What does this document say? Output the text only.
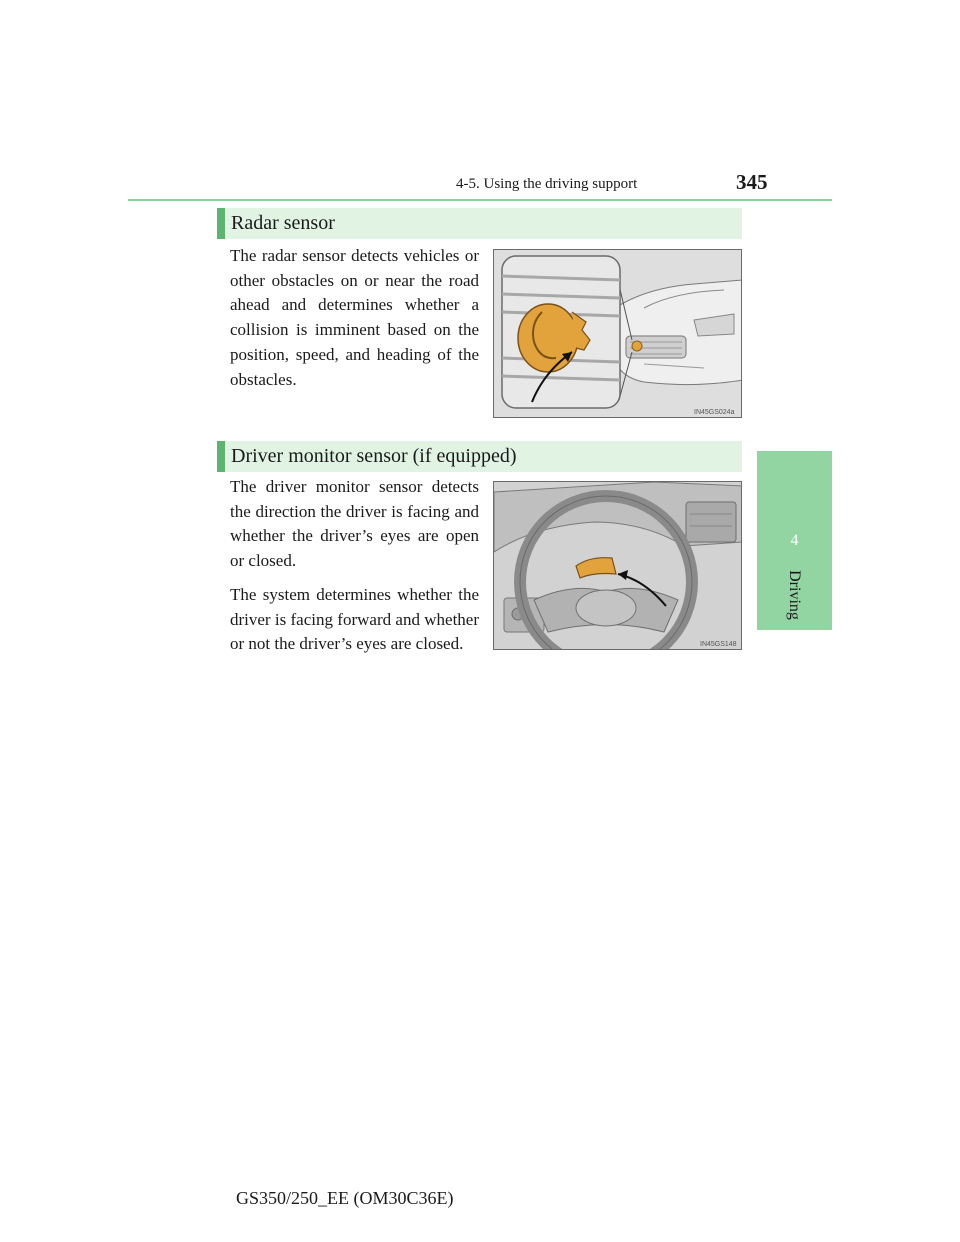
4-5. Using the driving support	345
4
Driving
Radar sensor

The radar sensor detects vehicles or other obstacles on or near the road ahead and determines whether a collision is imminent based on the position, speed, and heading of the obstacles.

IN45GS024a
Driver monitor sensor (if equipped)

The driver monitor sensor detects the direction the driver is facing and whether the driver’s eyes are open or closed.

The system determines whether the driver is facing forward and whether or not the driver’s eyes are closed.	IN45GS148
GS350/250_EE (OM30C36E)
